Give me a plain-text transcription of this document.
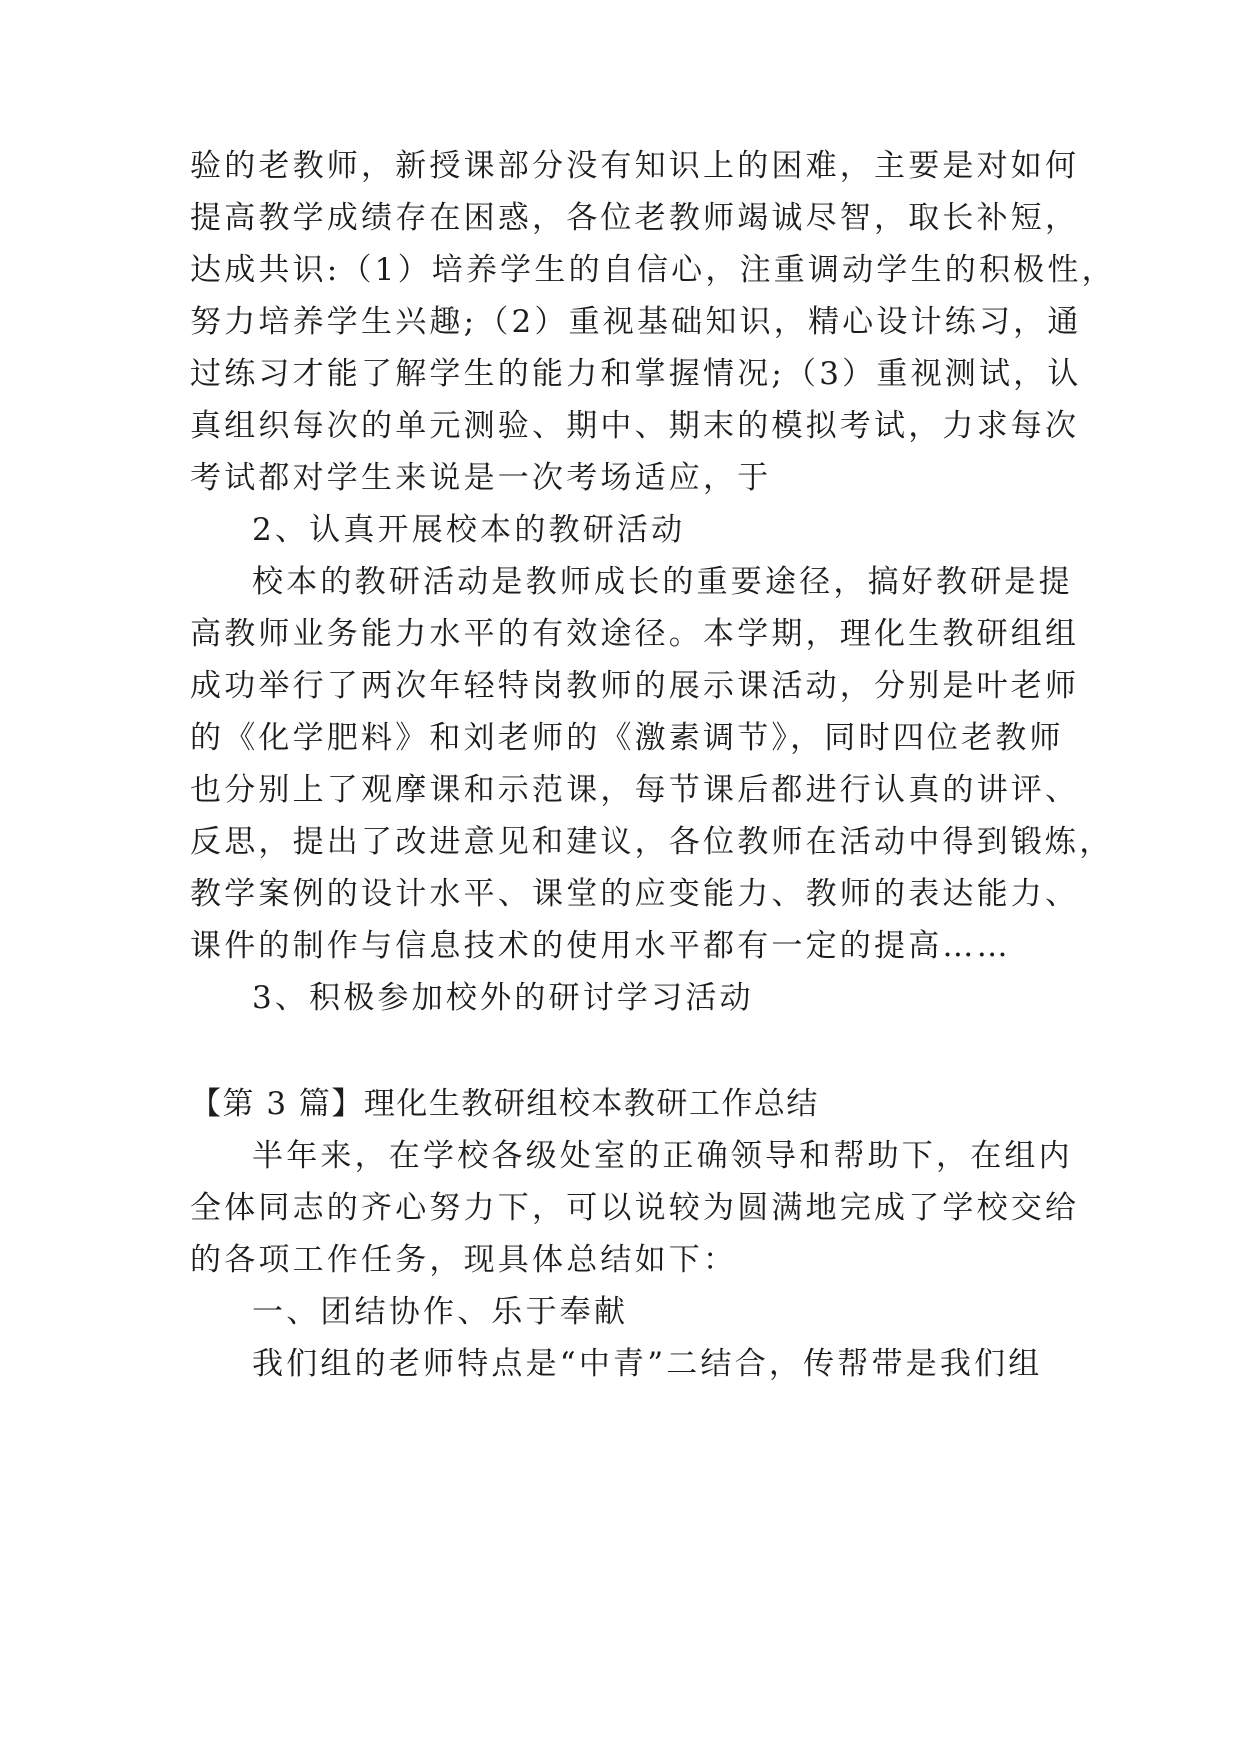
验的老教师，新授课部分没有知识上的困难，主要是对如何
提高教学成绩存在困惑，各位老教师竭诚尽智，取长补短，
达成共识:（1）培养学生的自信心，注重调动学生的积极性，
努力培养学生兴趣;（2）重视基础知识，精心设计练习，通
过练习才能了解学生的能力和掌握情况;（3）重视测试，认
真组织每次的单元测验、期中、期末的模拟考试，力求每次
考试都对学生来说是一次考场适应，于
2、认真开展校本的教研活动
校本的教研活动是教师成长的重要途径，搞好教研是提
高教师业务能力水平的有效途径。本学期，理化生教研组组
成功举行了两次年轻特岗教师的展示课活动，分别是叶老师
的《化学肥料》和刘老师的《激素调节》，同时四位老教师
也分别上了观摩课和示范课，每节课后都进行认真的讲评、
反思，提出了改进意见和建议，各位教师在活动中得到锻炼，
教学案例的设计水平、课堂的应变能力、教师的表达能力、
课件的制作与信息技术的使用水平都有一定的提高……
3、积极参加校外的研讨学习活动
【第 3 篇】理化生教研组校本教研工作总结
半年来，在学校各级处室的正确领导和帮助下，在组内
全体同志的齐心努力下，可以说较为圆满地完成了学校交给
的各项工作任务，现具体总结如下：
一、团结协作、乐于奉献
我们组的老师特点是“中青”二结合，传帮带是我们组
